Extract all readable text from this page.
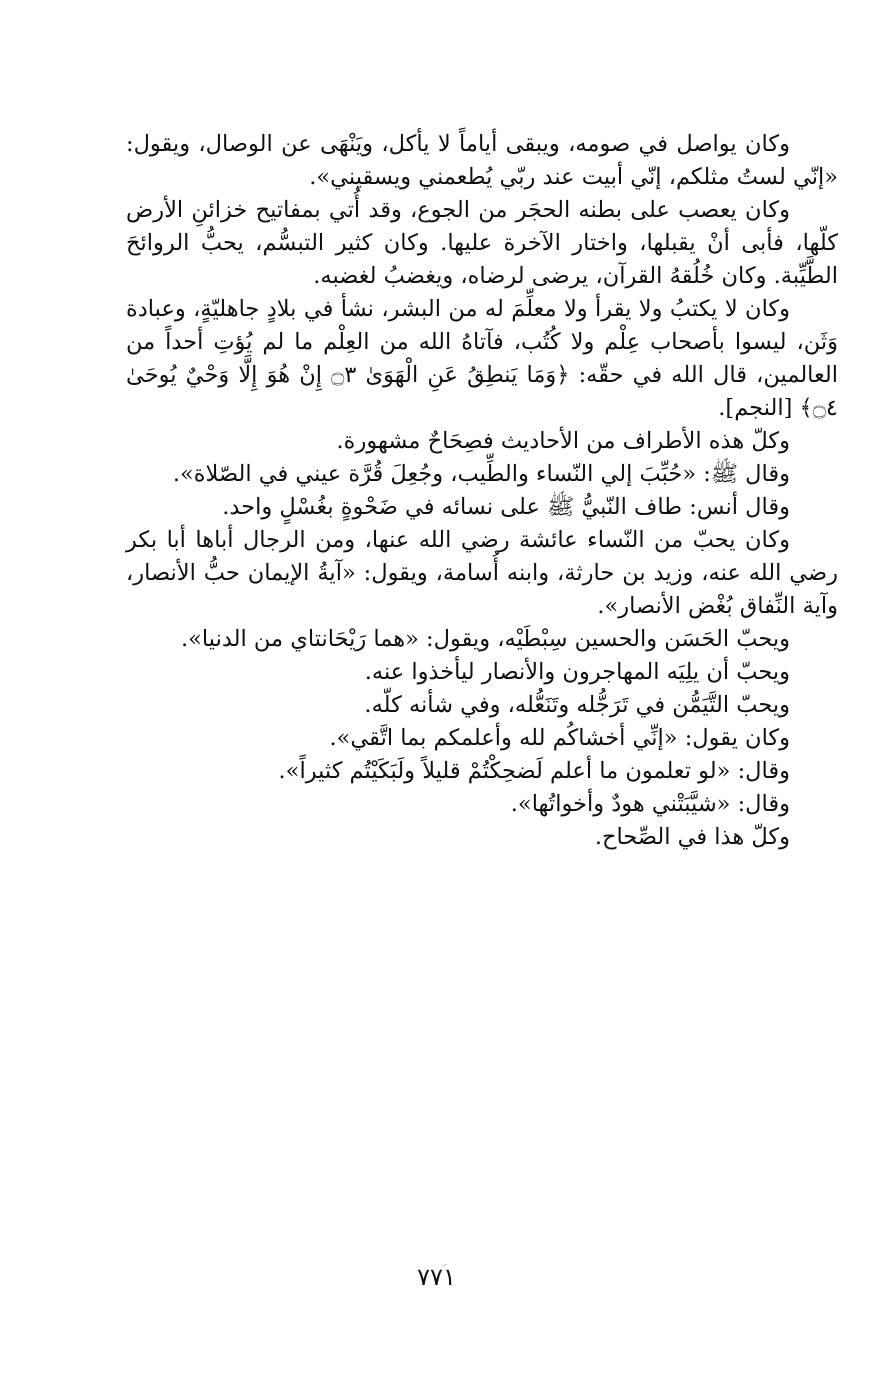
وكان يواصل في صومه، ويبقى أياماً لا يأكل، ويَنْهَى عن الوصال، ويقول: «إنّي لستُ مثلكم، إنّي أبيت عند ربّي يُطعمني ويسقيني».

وكان يعصب على بطنه الحجَر من الجوع، وقد أُتي بمفاتيح خزائنِ الأرض كلّها، فأبى أنْ يقبلها، واختار الآخرة عليها. وكان كثير التبسُّم، يحبُّ الروائحَ الطَّيِّبة. وكان خُلُقهُ القرآن، يرضى لرضاه، ويغضبُ لغضبه.

وكان لا يكتبُ ولا يقرأ ولا معلِّمَ له من البشر، نشأ في بلادٍ جاهليّةٍ، وعبادة وَثَن، ليسوا بأصحاب عِلْم ولا كُتُب، فآتاهُ الله من العِلْم ما لم يُؤتِ أحداً من العالمين، قال الله في حقّه: ﴿وَمَا يَنطِقُ عَنِ الْهَوَىٰ ۝٣ إِنْ هُوَ إِلَّا وَحْيٌ يُوحَىٰ ۝٤﴾ [النجم].

وكلّ هذه الأطراف من الأحاديث فصِحَاحٌ مشهورة.

وقال ﷺ: «حُبِّبَ إلي النّساء والطِّيب، وجُعِلَ قُرَّة عيني في الصّلاة».

وقال أنس: طاف النّبيُّ ﷺ على نسائه في ضَحْوةٍ بغُسْلٍ واحد.

وكان يحبّ من النّساء عائشة رضي الله عنها، ومن الرجال أباها أبا بكر رضي الله عنه، وزيد بن حارثة، وابنه أُسامة، ويقول: «آيةُ الإيمان حبُّ الأنصار، وآية النِّفاق بُغْض الأنصار».

ويحبّ الحَسَن والحسين سِبْطَيْه، ويقول: «هما رَيْحَانتاي من الدنيا».

ويحبّ أن يلِيَه المهاجرون والأنصار ليأخذوا عنه.

ويحبّ التَّيَمُّن في تَرَجُّله وتَنَعُّله، وفي شأنه كلّه.

وكان يقول: «إنِّي أخشاكُم لله وأعلمكم بما اتَّقي».

وقال: «لو تعلمون ما أعلم لَضحِكْتُمْ قليلاً ولَبَكَيْتُم كثيراً».

وقال: «شيَّبَتْني هودٌ وأخواتُها».

وكلّ هذا في الصِّحاح.

٧٧١
